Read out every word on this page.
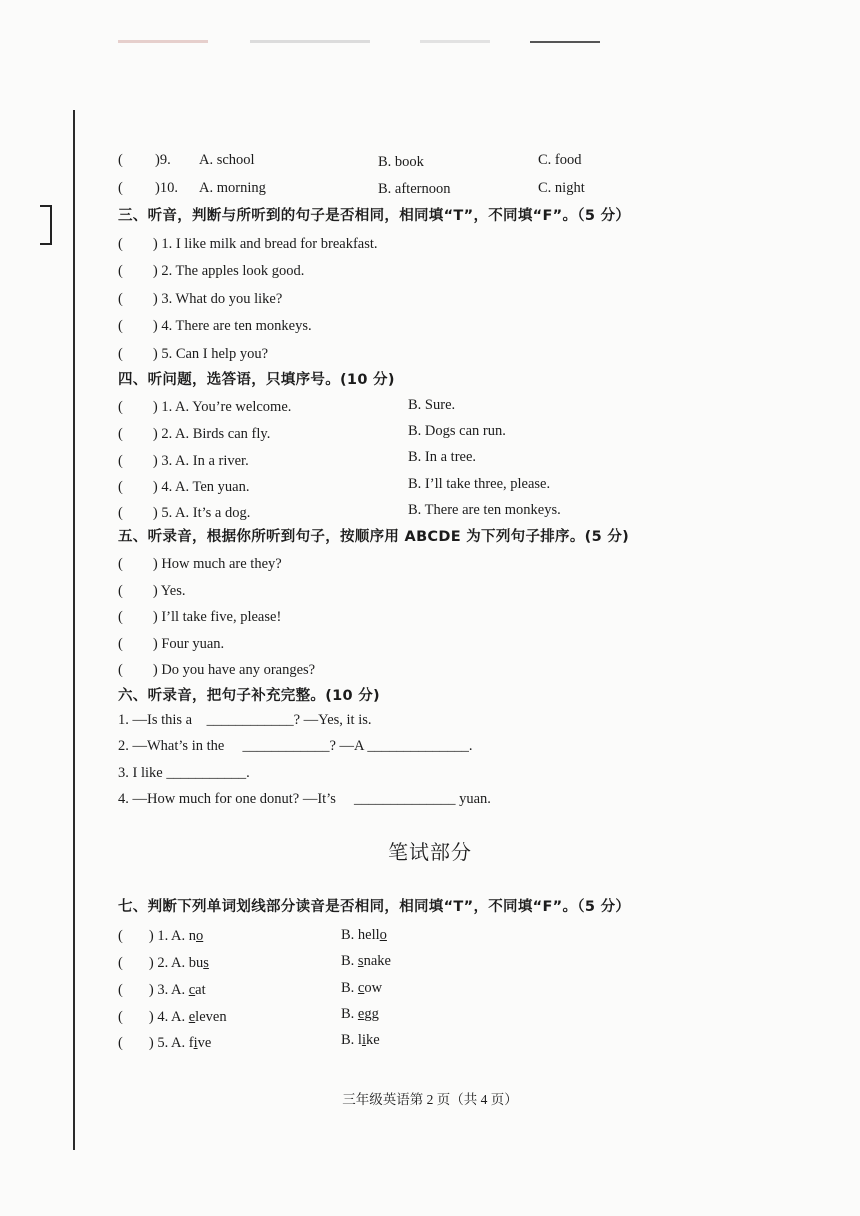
( )9. A. school	B. book	C. food
( )10. A. morning	B. afternoon	C. night
三、听音，判断与所听到的句子是否相同，相同填“T”，不同填“F”。（5 分）
( ) 1. I like milk and bread for breakfast.
( ) 2. The apples look good.
( ) 3. What do you like?
( ) 4. There are ten monkeys.
( ) 5. Can I help you?
四、听问题，选答语，只填序号。(10 分)
( ) 1. A. You’re welcome.	B. Sure.
( ) 2. A. Birds can fly.	B. Dogs can run.
( ) 3. A. In a river.	B. In a tree.
( ) 4. A. Ten yuan.	B. I’ll take three, please.
( ) 5. A. It’s a dog.	B. There are ten monkeys.
五、听录音，根据你所听到句子，按顺序用 ABCDE 为下列句子排序。(5 分)
( ) How much are they?
( ) Yes.
( ) I’ll take five, please!
( ) Four yuan.
( ) Do you have any oranges?
六、听录音，把句子补充完整。(10 分)
1. —Is this a ____________? —Yes, it is.
2. —What’s in the ____________? —A ______________.
3. I like ___________.
4. —How much for one donut? —It’s ______________ yuan.
笔试部分
七、判断下列单词划线部分读音是否相同，相同填“T”，不同填“F”。（5 分）
( ) 1. A. no	B. hello
( ) 2. A. bus	B. snake
( ) 3. A. cat	B. cow
( ) 4. A. eleven	B. egg
( ) 5. A. five	B. like
三年级英语第 2 页（共 4 页）
